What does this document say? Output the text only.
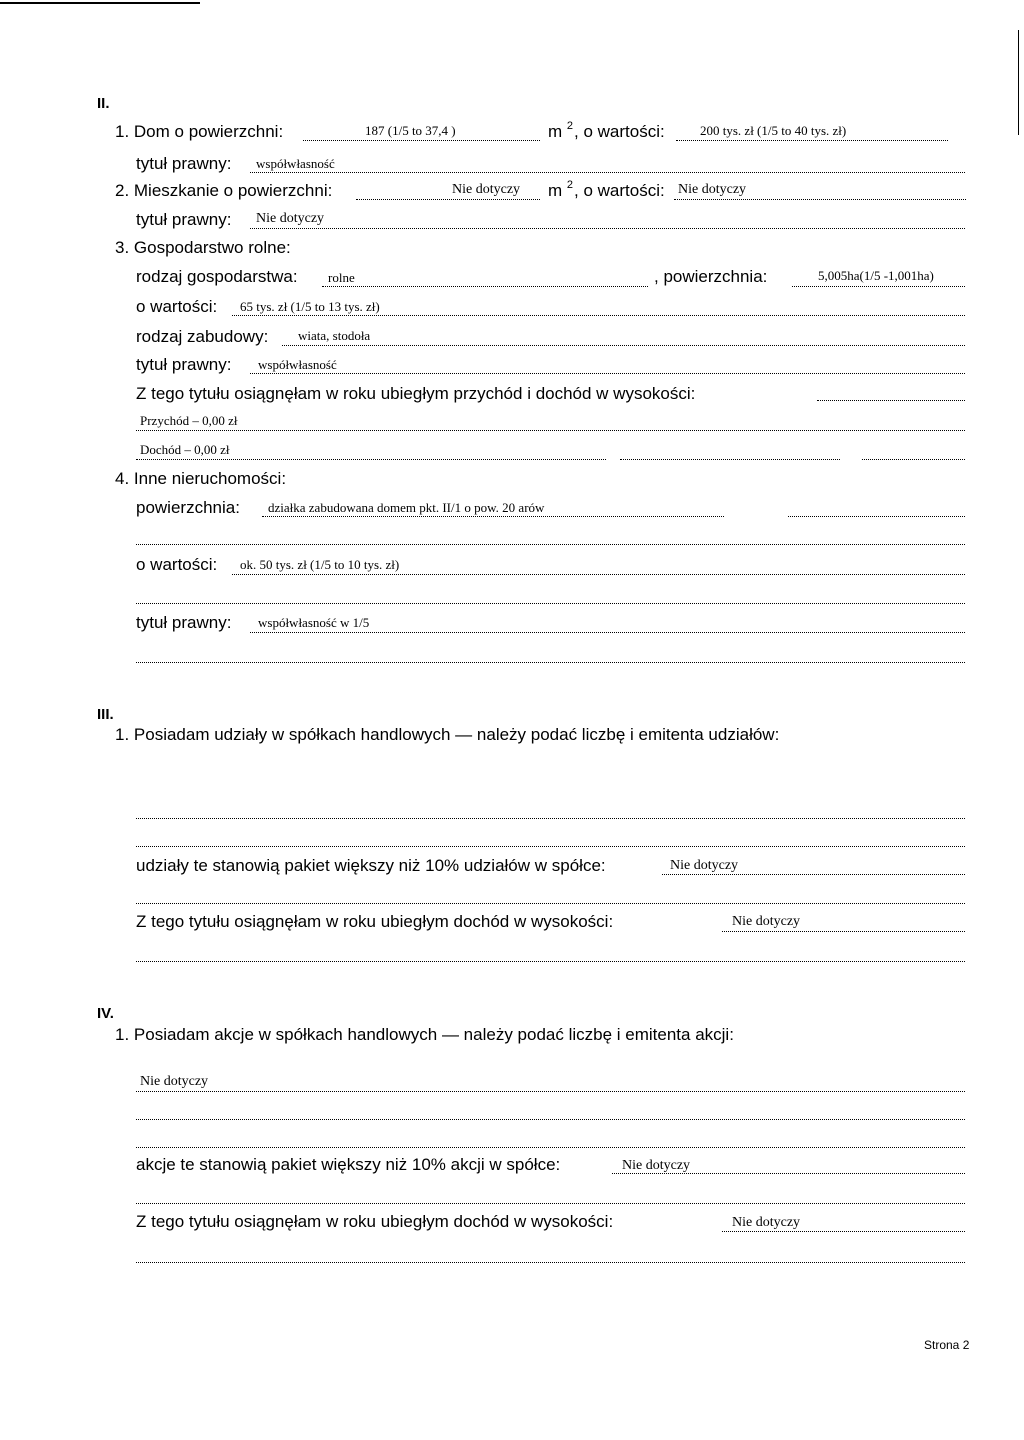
II.
1. Dom o powierzchni:	187 (1/5 to 37,4 )	m $^2$ , o wartości:	200 tys. zł (1/5 to 40 tys. zł)
tytuł prawny: współwłasność
2. Mieszkanie o powierzchni:	Nie dotyczy m $^2$ , o wartości: Nie dotyczy
tytuł prawny: Nie dotyczy
3. Gospodarstwo rolne:
rodzaj gospodarstwa: rolne	, powierzchnia:	5,005ha(1/5 -1,001ha)
o wartości: 65 tys. zł (1/5 to 13 tys. zł)
rodzaj zabudowy: wiata, stodoła
tytuł prawny: współwłasność
Z tego tytułu osiągnęłam w roku ubiegłym przychód i dochód w wysokości:
Przychód – 0,00 zł
Dochód – 0,00 zł
4. Inne nieruchomości:
powierzchnia: działka zabudowana domem pkt. II/1 o pow. 20 arów
o wartości: ok. 50 tys. zł (1/5 to 10 tys. zł)
tytuł prawny: współwłasność w 1/5
III.
1. Posiadam udziały w spółkach handlowych — należy podać liczbę i emitenta udziałów:
udziały te stanowią pakiet większy niż 10% udziałów w spółce:	Nie dotyczy
Z tego tytułu osiągnęłam w roku ubiegłym dochód w wysokości:	Nie dotyczy
IV.
1. Posiadam akcje w spółkach handlowych — należy podać liczbę i emitenta akcji:
Nie dotyczy
akcje te stanowią pakiet większy niż 10% akcji w spółce:	Nie dotyczy
Z tego tytułu osiągnęłam w roku ubiegłym dochód w wysokości:	Nie dotyczy
Strona 2
